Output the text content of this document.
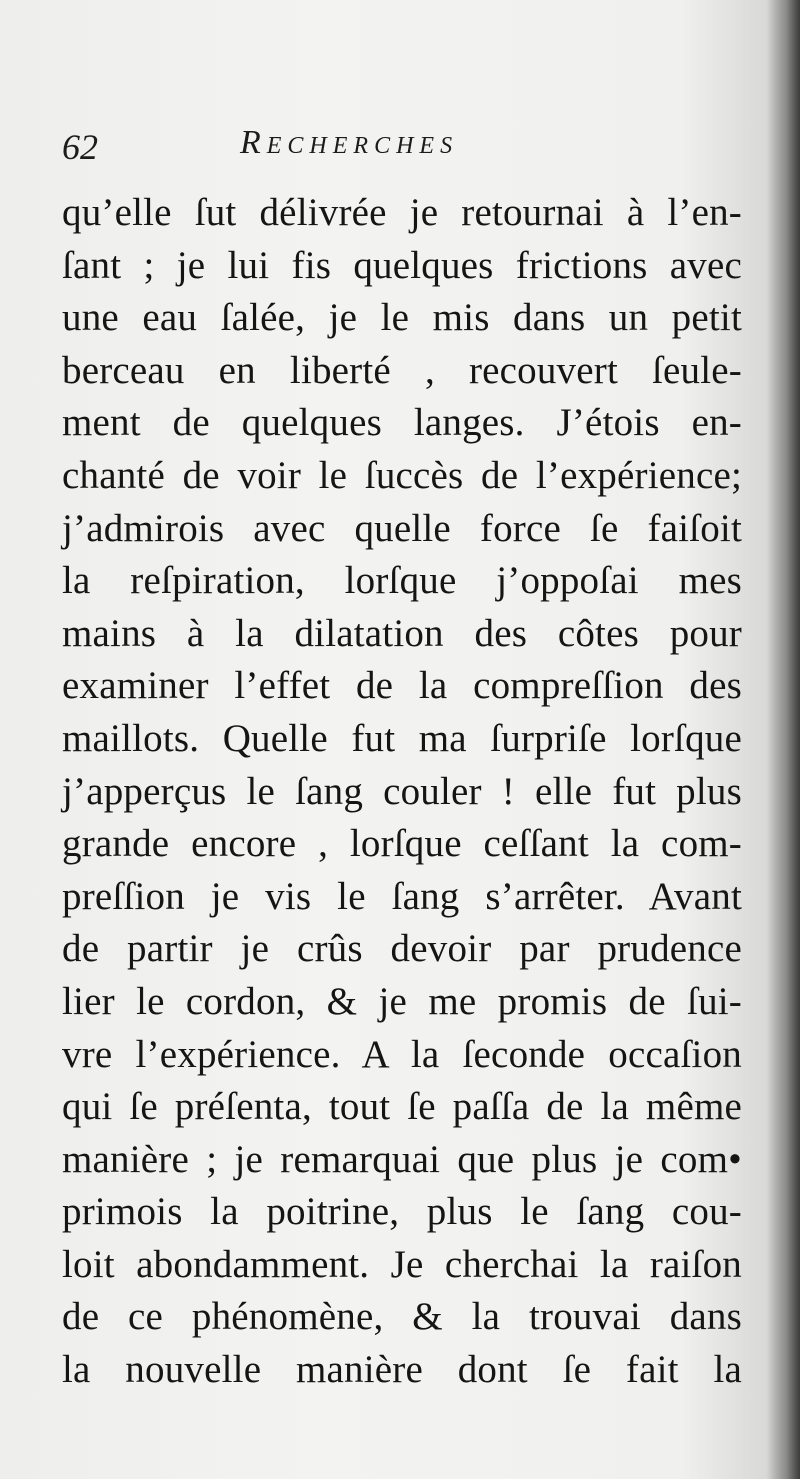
62	Recherches
qu’elle ſut délivrée je retournai à l’en-
ſant ; je lui fis quelques frictions avec
une eau ſalée, je le mis dans un petit
berceau en liberté , recouvert ſeule-
ment de quelques langes. J’étois en-
chanté de voir le ſuccès de l’expérience;
j’admirois avec quelle force ſe faiſoit
la reſpiration, lorſque j’oppoſai mes
mains à la dilatation des côtes pour
examiner l’effet de la compreſſion des
maillots. Quelle fut ma ſurpriſe lorſque
j’apperçus le ſang couler ! elle fut plus
grande encore , lorſque ceſſant la com-
preſſion je vis le ſang s’arrêter. Avant
de partir je crûs devoir par prudence
lier le cordon, & je me promis de ſui-
vre l’expérience. A la ſeconde occaſion
qui ſe préſenta, tout ſe paſſa de la même
manière ; je remarquai que plus je com•
primois la poitrine, plus le ſang cou-
loit abondamment. Je cherchai la raiſon
de ce phénomène, & la trouvai dans
la nouvelle manière dont ſe fait la
